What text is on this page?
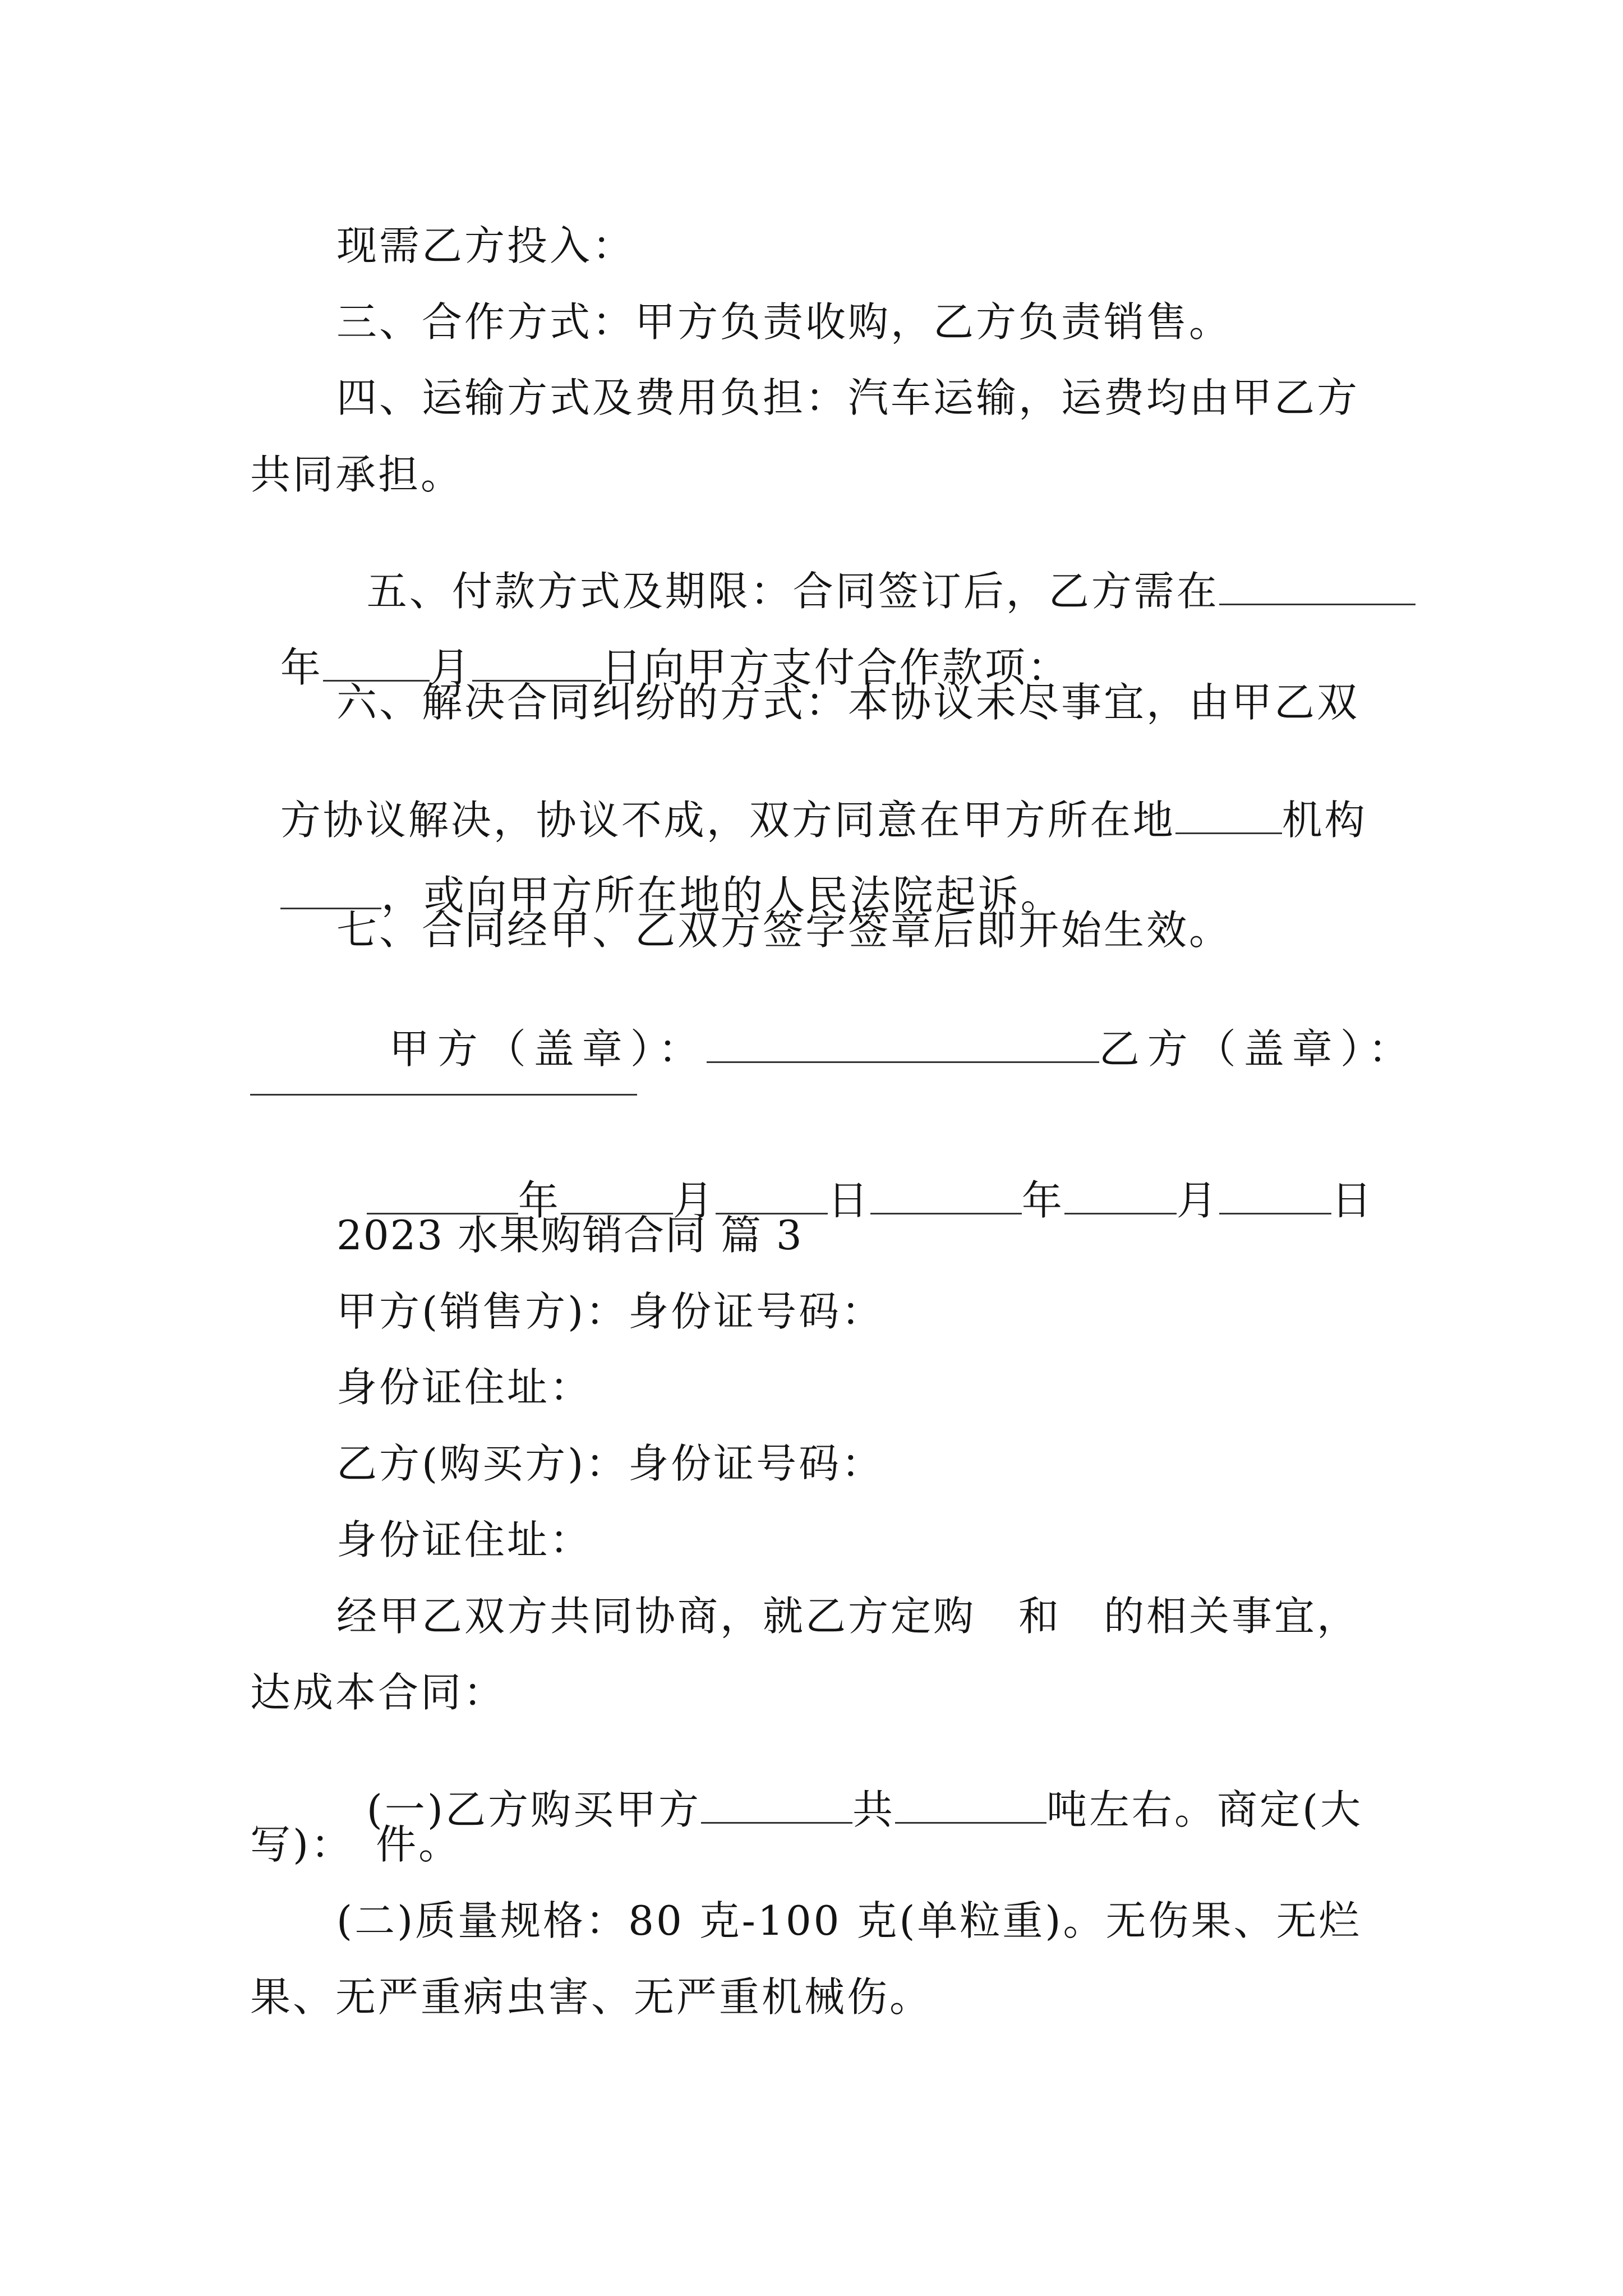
现需乙方投入：
三、合作方式：甲方负责收购，乙方负责销售。
四、运输方式及费用负担：汽车运输，运费均由甲乙方
共同承担。

五、付款方式及期限：合同签订后，乙方需在

年	月	日向甲方支付合作款项：

六、解决合同纠纷的方式：本协议未尽事宜，由甲乙双

方协议解决，协议不成，双方同意在甲方所在地	机构

，或向甲方所在地的人民法院起诉。

七、合同经甲、乙双方签字签章后即开始生效。

甲方（盖章）：	乙方（盖章）：

年	月	日	年	月	日

2023 水果购销合同 篇 3
甲方(销售方)：身份证号码：
身份证住址：
乙方(购买方)：身份证号码：
身份证住址：
经甲乙双方共同协商，就乙方定购　和　的相关事宜，
达成本合同：

(一)乙方购买甲方	共	吨左右。商定(大

写)：　件。
(二)质量规格：80 克-100 克(单粒重)。无伤果、无烂
果、无严重病虫害、无严重机械伤。
